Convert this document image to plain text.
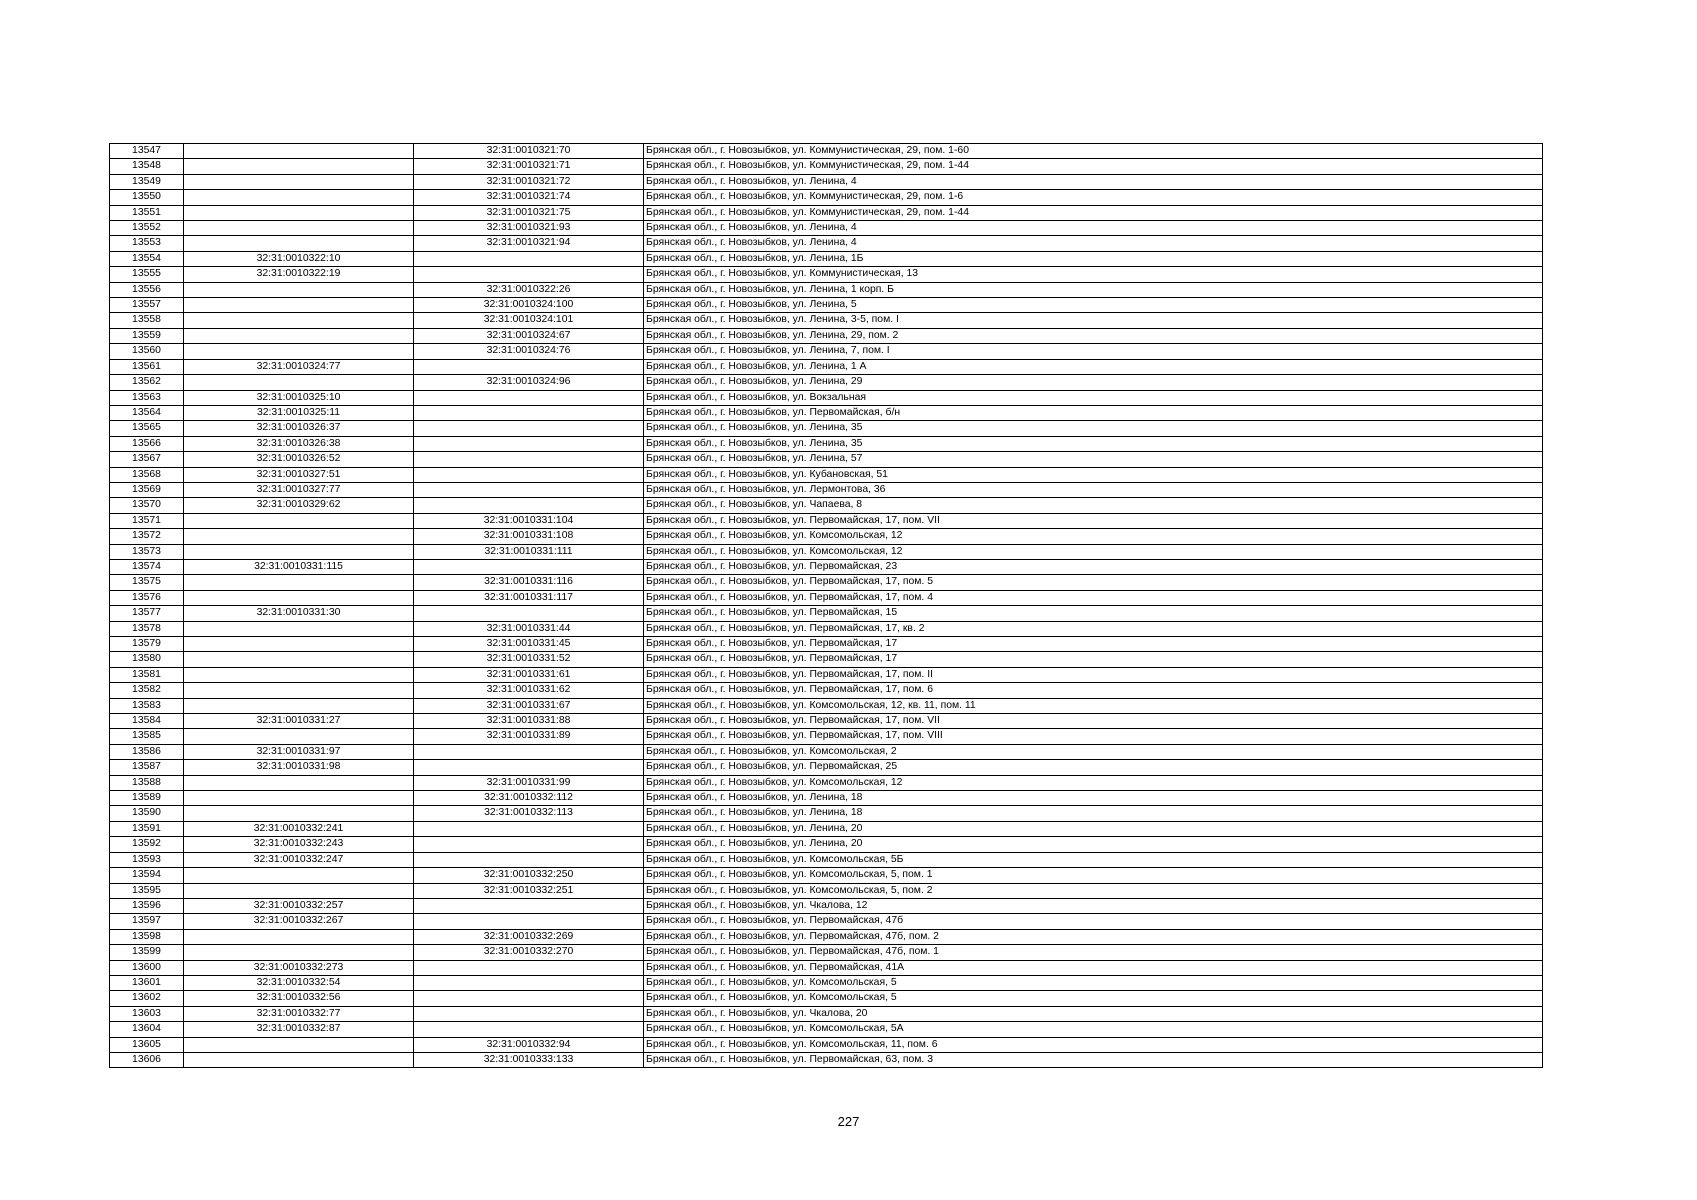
13547		32:31:0010321:70	Брянская обл., г. Новозыбков, ул. Коммунистическая, 29, пом. 1-60
13548		32:31:0010321:71	Брянская обл., г. Новозыбков, ул. Коммунистическая, 29, пом. 1-44
13549		32:31:0010321:72	Брянская обл., г. Новозыбков, ул. Ленина, 4
13550		32:31:0010321:74	Брянская обл., г. Новозыбков, ул. Коммунистическая, 29, пом. 1-6
13551		32:31:0010321:75	Брянская обл., г. Новозыбков, ул. Коммунистическая, 29, пом. 1-44
13552		32:31:0010321:93	Брянская обл., г. Новозыбков, ул. Ленина, 4
13553		32:31:0010321:94	Брянская обл., г. Новозыбков, ул. Ленина, 4
13554	32:31:0010322:10		Брянская обл., г. Новозыбков, ул. Ленина, 1Б
13555	32:31:0010322:19		Брянская обл., г. Новозыбков, ул. Коммунистическая, 13
13556		32:31:0010322:26	Брянская обл., г. Новозыбков, ул. Ленина, 1 корп. Б
13557		32:31:0010324:100	Брянская обл., г. Новозыбков, ул. Ленина, 5
13558		32:31:0010324:101	Брянская обл., г. Новозыбков, ул. Ленина, 3-5, пом. I
13559		32:31:0010324:67	Брянская обл., г. Новозыбков, ул. Ленина, 29, пом. 2
13560		32:31:0010324:76	Брянская обл., г. Новозыбков, ул. Ленина, 7, пом. I
13561	32:31:0010324:77		Брянская обл., г. Новозыбков, ул. Ленина, 1 А
13562		32:31:0010324:96	Брянская обл., г. Новозыбков, ул. Ленина, 29
13563	32:31:0010325:10		Брянская обл., г. Новозыбков, ул. Вокзальная
13564	32:31:0010325:11		Брянская обл., г. Новозыбков, ул. Первомайская, б/н
13565	32:31:0010326:37		Брянская обл., г. Новозыбков, ул. Ленина, 35
13566	32:31:0010326:38		Брянская обл., г. Новозыбков, ул. Ленина, 35
13567	32:31:0010326:52		Брянская обл., г. Новозыбков, ул. Ленина, 57
13568	32:31:0010327:51		Брянская обл., г. Новозыбков, ул. Кубановская, 51
13569	32:31:0010327:77		Брянская обл., г. Новозыбков, ул. Лермонтова, 36
13570	32:31:0010329:62		Брянская обл., г. Новозыбков, ул. Чапаева, 8
13571		32:31:0010331:104	Брянская обл., г. Новозыбков, ул. Первомайская, 17, пом. VII
13572		32:31:0010331:108	Брянская обл., г. Новозыбков, ул. Комсомольская, 12
13573		32:31:0010331:111	Брянская обл., г. Новозыбков, ул. Комсомольская, 12
13574	32:31:0010331:115		Брянская обл., г. Новозыбков, ул. Первомайская, 23
13575		32:31:0010331:116	Брянская обл., г. Новозыбков, ул. Первомайская, 17, пом. 5
13576		32:31:0010331:117	Брянская обл., г. Новозыбков, ул. Первомайская, 17, пом. 4
13577	32:31:0010331:30		Брянская обл., г. Новозыбков, ул. Первомайская, 15
13578		32:31:0010331:44	Брянская обл., г. Новозыбков, ул. Первомайская, 17, кв. 2
13579		32:31:0010331:45	Брянская обл., г. Новозыбков, ул. Первомайская, 17
13580		32:31:0010331:52	Брянская обл., г. Новозыбков, ул. Первомайская, 17
13581		32:31:0010331:61	Брянская обл., г. Новозыбков, ул. Первомайская, 17, пом. II
13582		32:31:0010331:62	Брянская обл., г. Новозыбков, ул. Первомайская, 17, пом. 6
13583		32:31:0010331:67	Брянская обл., г. Новозыбков, ул. Комсомольская, 12, кв. 11, пом. 11
13584	32:31:0010331:27	32:31:0010331:88	Брянская обл., г. Новозыбков, ул. Первомайская, 17, пом. VII
13585		32:31:0010331:89	Брянская обл., г. Новозыбков, ул. Первомайская, 17, пом. VIII
13586	32:31:0010331:97		Брянская обл., г. Новозыбков, ул. Комсомольская, 2
13587	32:31:0010331:98		Брянская обл., г. Новозыбков, ул. Первомайская, 25
13588		32:31:0010331:99	Брянская обл., г. Новозыбков, ул. Комсомольская, 12
13589		32:31:0010332:112	Брянская обл., г. Новозыбков, ул. Ленина, 18
13590		32:31:0010332:113	Брянская обл., г. Новозыбков, ул. Ленина, 18
13591	32:31:0010332:241		Брянская обл., г. Новозыбков, ул. Ленина, 20
13592	32:31:0010332:243		Брянская обл., г. Новозыбков, ул. Ленина, 20
13593	32:31:0010332:247		Брянская обл., г. Новозыбков, ул. Комсомольская, 5Б
13594		32:31:0010332:250	Брянская обл., г. Новозыбков, ул. Комсомольская, 5, пом. 1
13595		32:31:0010332:251	Брянская обл., г. Новозыбков, ул. Комсомольская, 5, пом. 2
13596	32:31:0010332:257		Брянская обл., г. Новозыбков, ул. Чкалова, 12
13597	32:31:0010332:267		Брянская обл., г. Новозыбков, ул. Первомайская, 47б
13598		32:31:0010332:269	Брянская обл., г. Новозыбков, ул. Первомайская, 47б, пом. 2
13599		32:31:0010332:270	Брянская обл., г. Новозыбков, ул. Первомайская, 47б, пом. 1
13600	32:31:0010332:273		Брянская обл., г. Новозыбков, ул. Первомайская, 41А
13601	32:31:0010332:54		Брянская обл., г. Новозыбков, ул. Комсомольская, 5
13602	32:31:0010332:56		Брянская обл., г. Новозыбков, ул. Комсомольская, 5
13603	32:31:0010332:77		Брянская обл., г. Новозыбков, ул. Чкалова, 20
13604	32:31:0010332:87		Брянская обл., г. Новозыбков, ул. Комсомольская, 5А
13605		32:31:0010332:94	Брянская обл., г. Новозыбков, ул. Комсомольская, 11, пом. 6
13606		32:31:0010333:133	Брянская обл., г. Новозыбков, ул. Первомайская, 63, пом. 3
227
